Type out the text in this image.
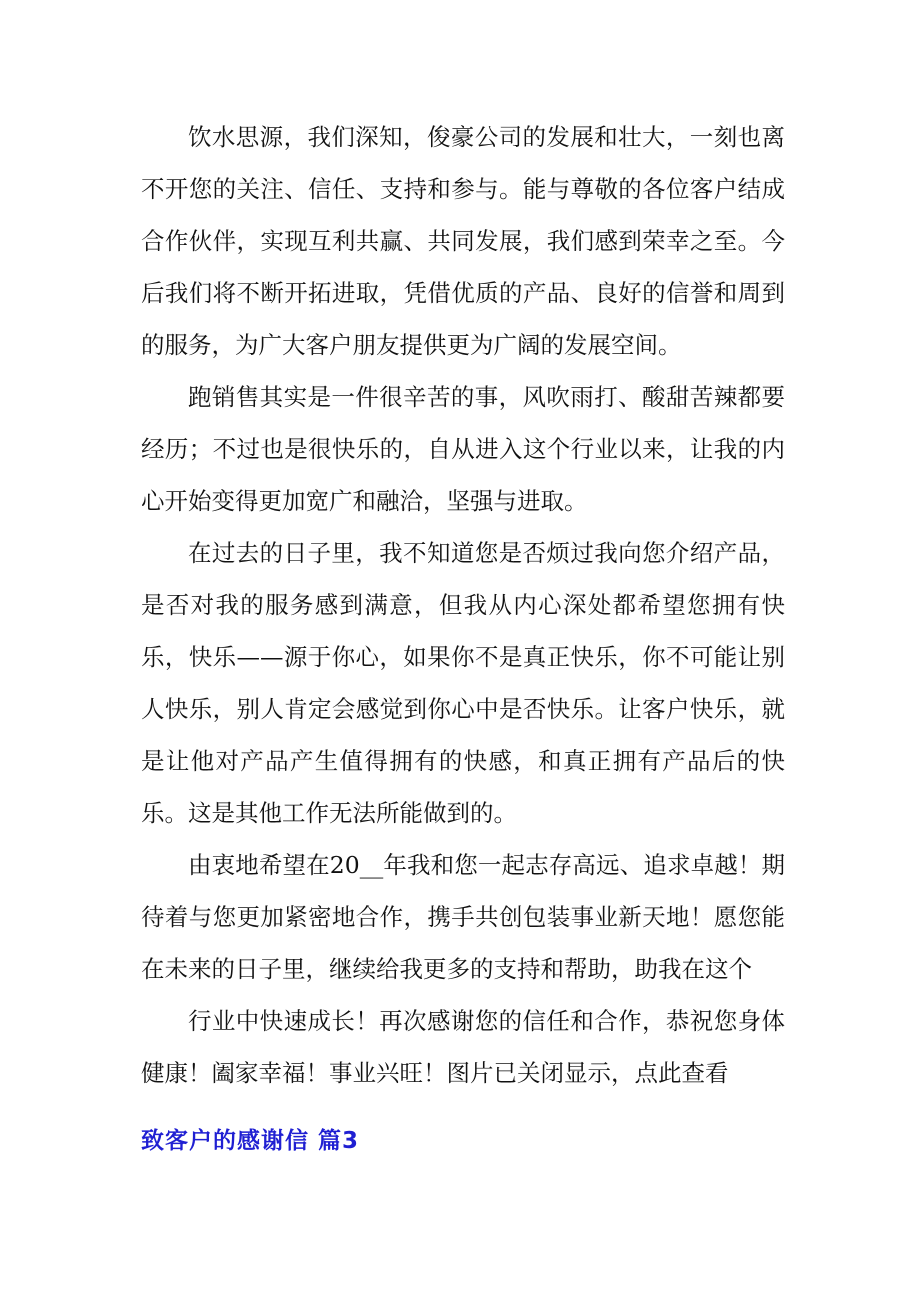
饮水思源，我们深知，俊豪公司的发展和壮大，一刻也离不开您的关注、信任、支持和参与。能与尊敬的各位客户结成合作伙伴，实现互利共赢、共同发展，我们感到荣幸之至。今后我们将不断开拓进取，凭借优质的产品、良好的信誉和周到的服务，为广大客户朋友提供更为广阔的发展空间。

跑销售其实是一件很辛苦的事，风吹雨打、酸甜苦辣都要经历；不过也是很快乐的，自从进入这个行业以来，让我的内心开始变得更加宽广和融洽，坚强与进取。

在过去的日子里，我不知道您是否烦过我向您介绍产品，是否对我的服务感到满意，但我从内心深处都希望您拥有快乐，快乐——源于你心，如果你不是真正快乐，你不可能让别人快乐，别人肯定会感觉到你心中是否快乐。让客户快乐，就是让他对产品产生值得拥有的快感，和真正拥有产品后的快乐。这是其他工作无法所能做到的。

由衷地希望在20__年我和您一起志存高远、追求卓越！期待着与您更加紧密地合作，携手共创包装事业新天地！愿您能在未来的日子里，继续给我更多的支持和帮助，助我在这个

行业中快速成长！再次感谢您的信任和合作，恭祝您身体健康！阖家幸福！事业兴旺！图片已关闭显示，点此查看

致客户的感谢信 篇3
